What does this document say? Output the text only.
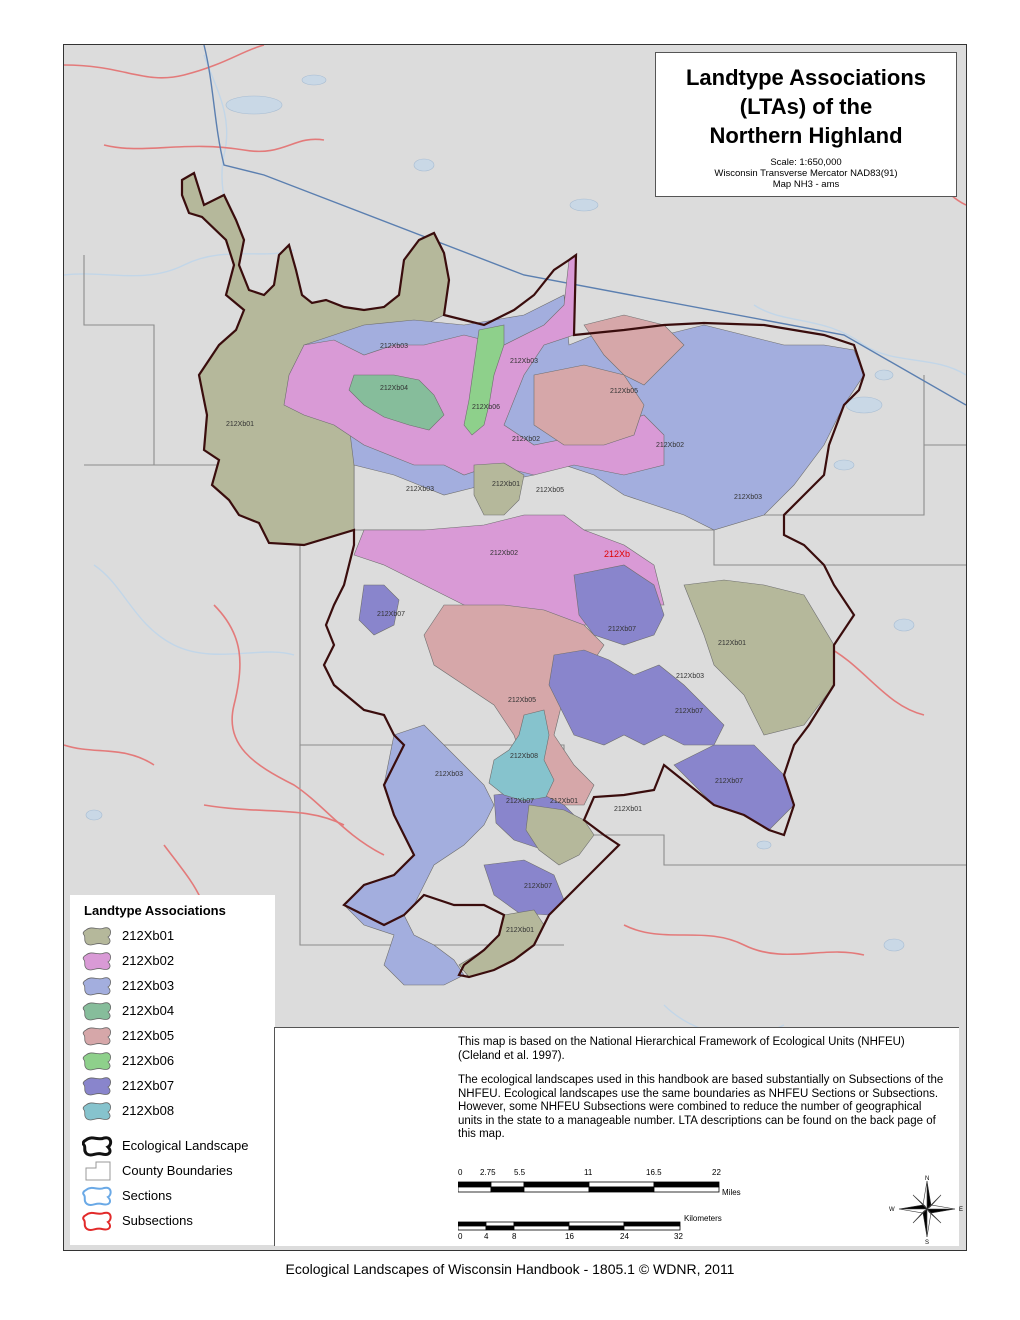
212Xb03
212Xb03
212Xb04	212Xb05
212Xb06
212Xb01
212Xb02
212Xb02
212Xb03
212Xb01
212Xb05
212Xb03
212Xb02
212Xb07
212Xb07
212Xb01
212Xb03
212Xb05
212Xb07
212Xb08
212Xb03
212Xb07
212Xb07 212Xb01
212Xb01
212Xb07
212Xb01
212Xb
Landtype Associations
(LTAs) of the
Northern Highland
Scale: 1:650,000
Wisconsin Transverse Mercator NAD83(91)
Map NH3 - ams
Landtype Associations
212Xb01
212Xb02
212Xb03
212Xb04
212Xb05
212Xb06
212Xb07
212Xb08
Ecological Landscape
County Boundaries
Sections
Subsections

This map is based on the National Hierarchical Framework of Ecological Units (NHFEU) (Cleland et al. 1997).

The ecological landscapes used in this handbook are based substantially on Subsections of the NHFEU. Ecological landscapes use the same boundaries as NHFEU Sections or Subsections. However, some NHFEU Subsections were combined to reduce the number of geographical units in the state to a manageable number. LTA descriptions can be found on the back page of this map.

0 2.75 5.5	11	16.5	22
Miles
Kilometers
0	4	8	16	24	32
N
S
E
W
Ecological Landscapes of Wisconsin Handbook - 1805.1 © WDNR, 2011
